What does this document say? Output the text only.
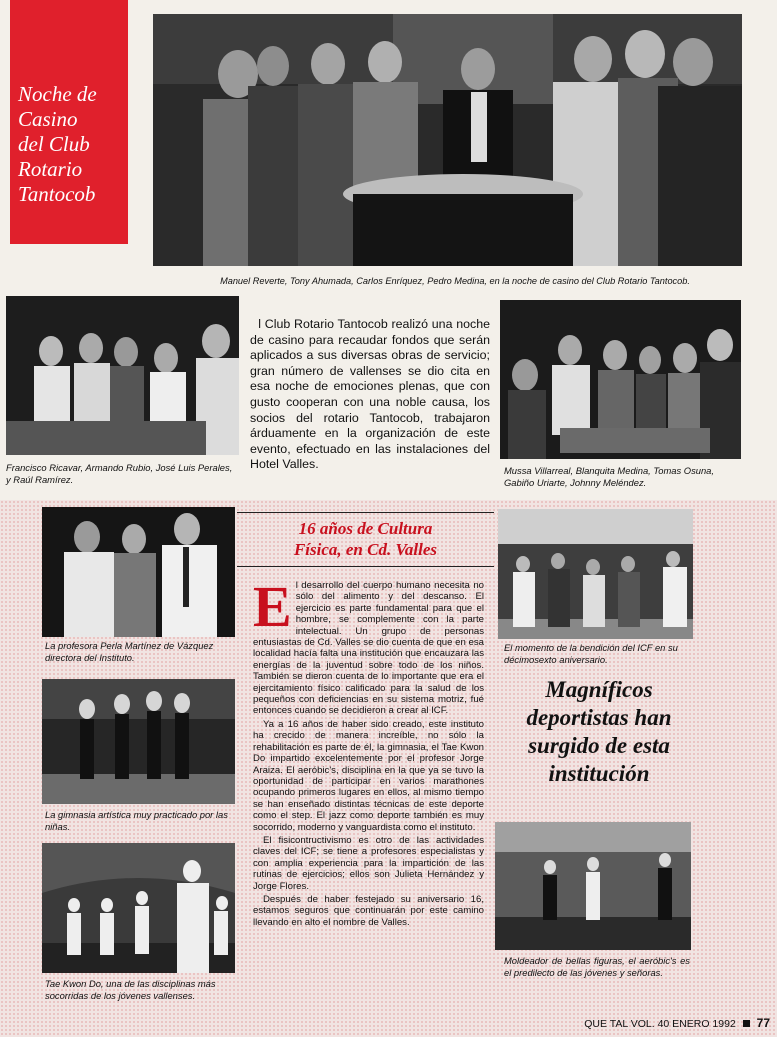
Noche de
Casino
del Club
Rotario
Tantocob
Manuel Reverte, Tony Ahumada, Carlos Enríquez, Pedro Medina, en la noche de casino del Club Rotario Tantocob.
Francisco Ricavar, Armando Rubio, José Luis Perales, y Raúl Ramírez.
El Club Rotario Tantocob realizó una noche de casino para recaudar fondos que serán aplicados a sus diversas obras de servicio; gran número de vallenses se dio cita en esa noche de emociones plenas, que con gusto cooperan con una noble causa, los socios del rotario Tantocob, trabajaron árduamente en la organización de este evento, efectuado en las instalaciones del Hotel Valles.	Mussa Villarreal, Blanquita Medina, Tomas Osuna, Gabiño Uriarte, Johnny Meléndez.
16 años de Cultura
Física, en Cd. Valles
La profesora Perla Martínez de Vázquez directora del Instituto.
La gimnasia artística muy practicado por las niñas.
Tae Kwon Do, una de las disciplinas más socorridas de los jóvenes vallenses.
E l desarrollo del cuerpo humano necesita no sólo del alimento y del descanso. El ejercicio es parte fundamental para que el hombre, se complemente con la parte intelectual. Un grupo de personas entusiastas de Cd. Valles se dio cuenta de que en esa localidad hacía falta una institución que encauzara las energías de la juventud sobre todo de los niños. También se dieron cuenta de lo importante que era el ejercitamiento físico calificado para la salud de los pequeños con deficiencias en su sistema motriz, fué entonces cuando se decidieron a crear al ICF.

Ya a 16 años de haber sido creado, este instituto ha crecido de manera increíble, no sólo la rehabilitación es parte de él, la gimnasia, el Tae Kwon Do impartido excelentemente por el profesor Jorge Araiza. El aeróbic's, disciplina en la que ya se tuvo la oportunidad de participar en varios marathones ocupando primeros lugares en ellos, al mismo tiempo se han enseñado distintas técnicas de este deporte como el step. El jazz como deporte también es muy socorrido, moderno y vanguardista como el instituto.

El fisicontructivismo es otro de las actividades claves del ICF; se tiene a profesores especialistas y con amplia experiencia para la impartición de las rutinas de ejercicios; ellos son Julieta Hernández y Jorge Flores.

Después de haber festejado su aniversario 16, estamos seguros que continuarán por este camino llevando en alto el nombre de Valles.

El momento de la bendición del ICF en su décimosexto aniversario.
Magníficos deportistas han surgido de esta institución
Moldeador de bellas figuras, el aeróbic's es el predilecto de las jóvenes y señoras.
QUE TAL VOL. 40 ENERO 1992 77
